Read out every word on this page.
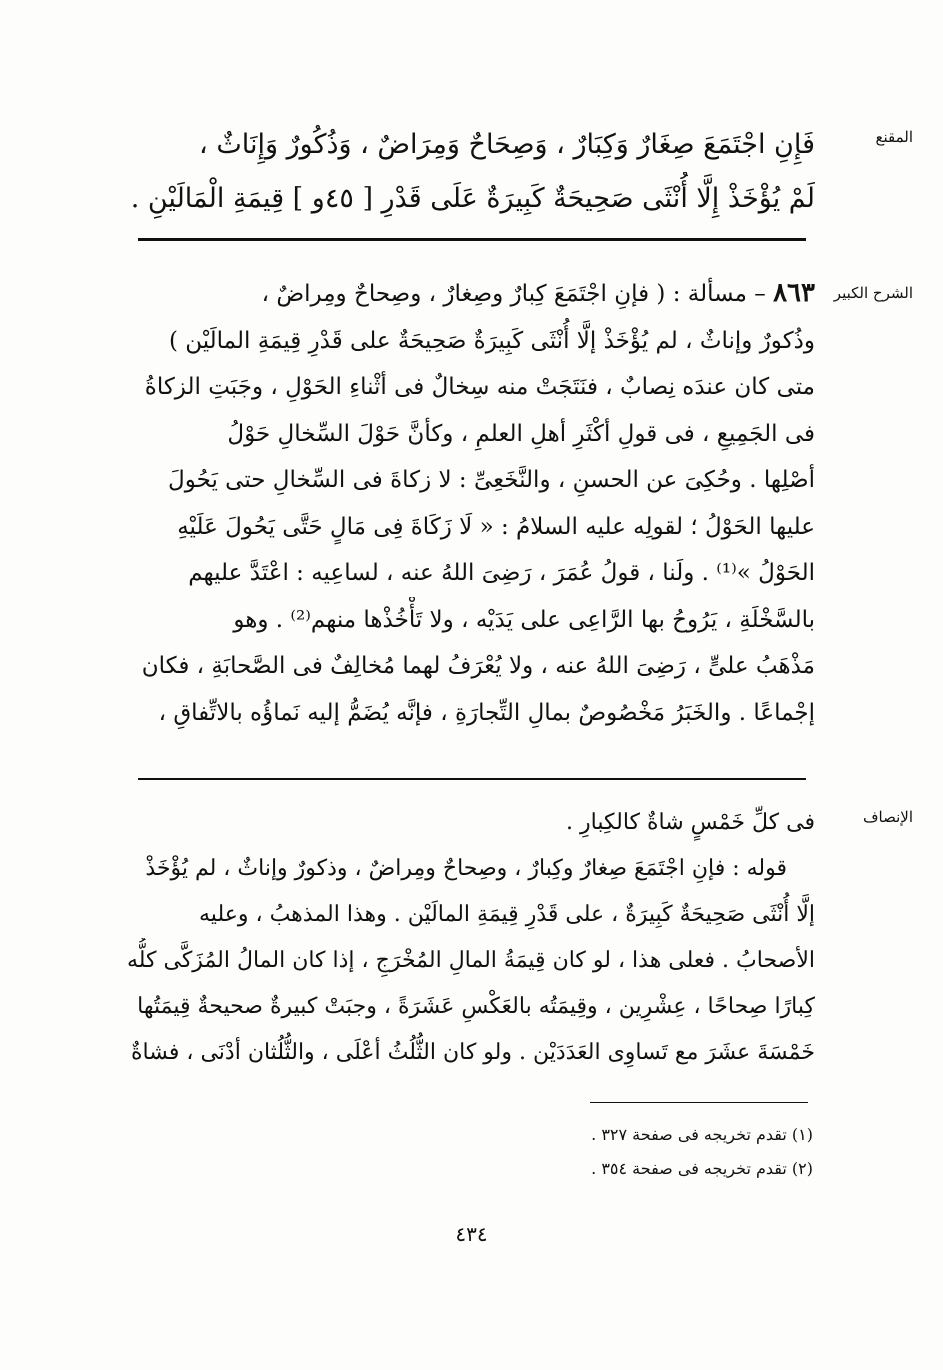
المقنع
فَإِنِ اجْتَمَعَ صِغَارٌ وَكِبَارٌ ، وَصِحَاحٌ وَمِرَاضٌ ، وَذُكُورٌ وَإِنَاثٌ ،
لَمْ يُؤْخَذْ إِلَّا أُنْثَى صَحِيحَةٌ كَبِيرَةٌ عَلَى قَدْرِ [ ٤٥و ] قِيمَةِ الْمَالَيْنِ .
الشرح الكبير
٨٦٣ – مسألة : ( فإنِ اجْتَمَعَ كِبارٌ وصِغارٌ ، وصِحاحٌ ومِراضٌ ،
وذُكورٌ وإناثٌ ، لم يُؤْخَذْ إلَّا أُنْثَى كَبِيرَةٌ صَحِيحَةٌ على قَدْرِ قِيمَةِ المالَيْن )
متى كان عندَه نِصابٌ ، فنَتَجَتْ منه سِخالٌ فى أثْناءِ الحَوْلِ ، وجَبَتِ الزكاةُ
فى الجَمِيعِ ، فى قولِ أكْثَرِ أهلِ العلمِ ، وكأنَّ حَوْلَ السِّخالِ حَوْلُ
أصْلِها . وحُكِىَ عن الحسنِ ، والنَّخَعِىِّ : لا زكاةَ فى السِّخالِ حتى يَحُولَ
عليها الحَوْلُ ؛ لقولِه عليه السلامُ : « لَا زَكَاةَ فِى مَالٍ حَتَّى يَحُولَ عَلَيْهِ
الحَوْلُ »⁽¹⁾ . ولَنا ، قولُ عُمَرَ ، رَضِىَ اللهُ عنه ، لساعِيه : اعْتَدَّ عليهم
بالسَّخْلَةِ ، يَرُوحُ بها الرَّاعِى على يَدَيْه ، ولا تَأْخُذْها منهم⁽²⁾ . وهو
مَذْهَبُ علىٍّ ، رَضِىَ اللهُ عنه ، ولا يُعْرَفُ لهما مُخالِفٌ فى الصَّحابَةِ ، فكان
إجْماعًا . والخَبَرُ مَخْصُوصٌ بمالِ التِّجارَةِ ، فإنَّه يُضَمُّ إليه نَماؤُه بالاتِّفاقِ ،
الإنصاف
فى كلِّ خَمْسٍ شاةٌ كالكِبارِ .
قوله : فإنِ اجْتَمَعَ صِغارٌ وكِبارٌ ، وصِحاحٌ ومِراضٌ ، وذكورٌ وإناثٌ ، لم يُؤْخَذْ
إلَّا أُنْثَى صَحِيحَةٌ كَبِيرَةٌ ، على قَدْرِ قِيمَةِ المالَيْن . وهذا المذهبُ ، وعليه
الأصحابُ . فعلى هذا ، لو كان قِيمَةُ المالِ المُخْرَجِ ، إذا كان المالُ المُزَكَّى كلُّه
كِبارًا صِحاحًا ، عِشْرِين ، وقِيمَتُه بالعَكْسِ عَشَرَةً ، وجبَتْ كبيرةٌ صحيحةٌ قِيمَتُها
خَمْسَةَ عشَرَ مع تَساوِى العَدَدَيْن . ولو كان الثُّلُثُ أعْلَى ، والثُّلُثان أدْنَى ، فشاةٌ
(١) تقدم تخريجه فى صفحة ٣٢٧ .
(٢) تقدم تخريجه فى صفحة ٣٥٤ .
٤٣٤
